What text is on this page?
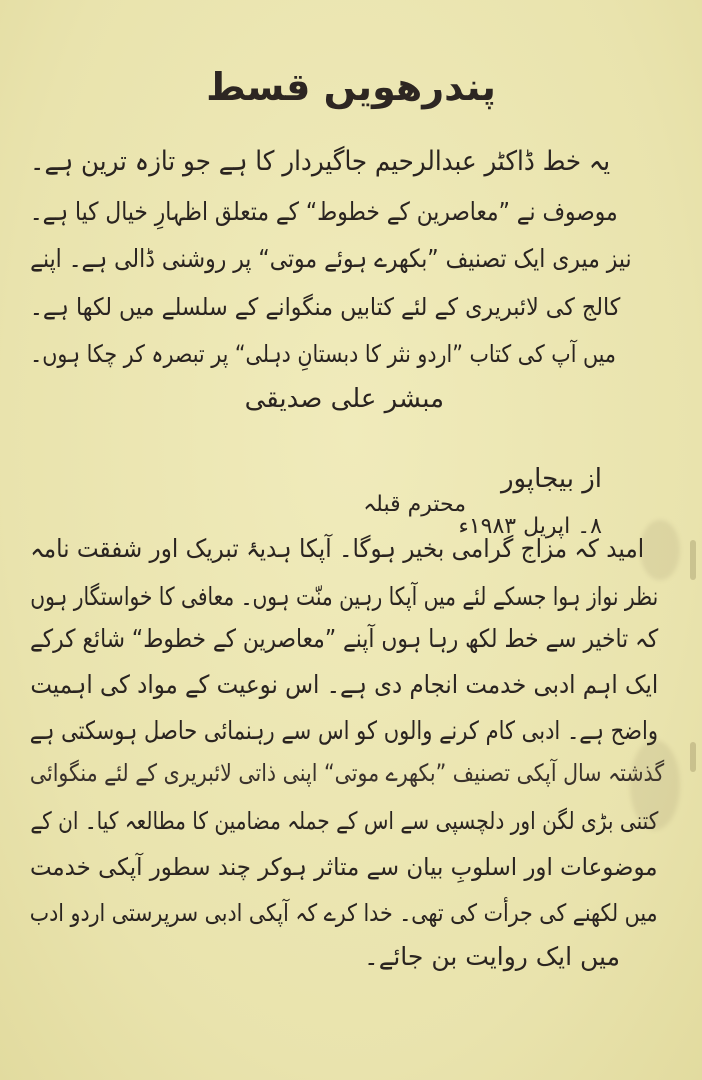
پندرھویں قسط
یہ خط ڈاکٹر عبدالرحیم جاگیردار کا ہے جو تازہ ترین ہے۔
موصوف نے ”معاصرین کے خطوط“ کے متعلق اظہارِ خیال کیا ہے۔
نیز میری ایک تصنیف ”بکھرے ہوئے موتی“ پر روشنی ڈالی ہے۔ اپنے
کالج کی لائبریری کے لئے کتابیں منگوانے کے سلسلے میں لکھا ہے۔
میں آپ کی کتاب ”اردو نثر کا دبستانِ دہلی“ پر تبصرہ کر چکا ہوں۔
مبشر علی صدیقی
از بیجاپور
محترم قبلہ
۸۔ اپریل ۱۹۸۳ء
امید کہ مزاج گرامی بخیر ہوگا۔ آپکا ہدیۂ تبریک اور شفقت نامہ
نظر نواز ہوا جسکے لئے میں آپکا رہین منّت ہوں۔ معافی کا خواستگار ہوں
کہ تاخیر سے خط لکھ رہا ہوں آپنے ”معاصرین کے خطوط“ شائع کرکے
ایک اہم ادبی خدمت انجام دی ہے۔ اس نوعیت کے مواد کی اہمیت
واضح ہے۔ ادبی کام کرنے والوں کو اس سے رہنمائی حاصل ہوسکتی ہے
گذشتہ سال آپکی تصنیف ”بکھرے موتی“ اپنی ذاتی لائبریری کے لئے منگوائی
کتنی بڑی لگن اور دلچسپی سے اس کے جملہ مضامین کا مطالعہ کیا۔ ان کے
موضوعات اور اسلوبِ بیان سے متاثر ہوکر چند سطور آپکی خدمت
میں لکھنے کی جرأت کی تھی۔ خدا کرے کہ آپکی ادبی سرپرستی اردو ادب
میں ایک روایت بن جائے۔
